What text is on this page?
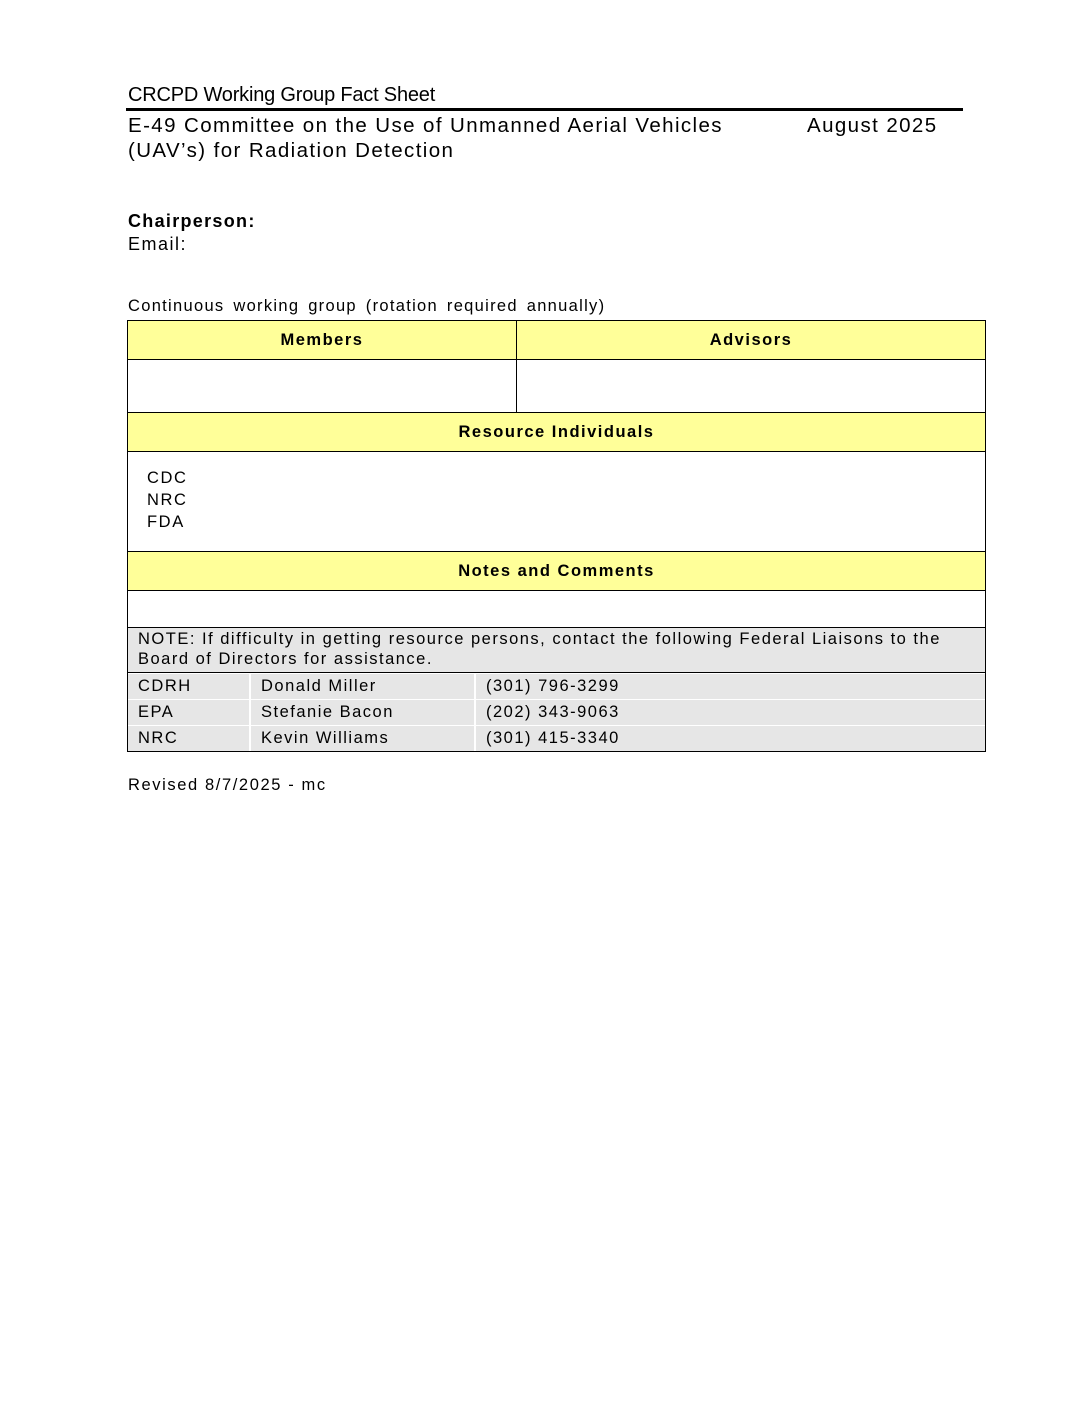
CRCPD Working Group Fact Sheet
E-49 Committee on the Use of Unmanned Aerial Vehicles (UAV’s) for Radiation Detection
August 2025
Chairperson:
Email:
Continuous working group (rotation required annually)
Members	Advisors

Resource Individuals

CDC
NRC
FDA

Notes and Comments

NOTE: If difficulty in getting resource persons, contact the following Federal Liaisons to the Board of Directors for assistance.

CDRH	Donald Miller	(301) 796-3299
EPA	Stefanie Bacon	(202) 343-9063
NRC	Kevin Williams	(301) 415-3340
Revised 8/7/2025 - mc
